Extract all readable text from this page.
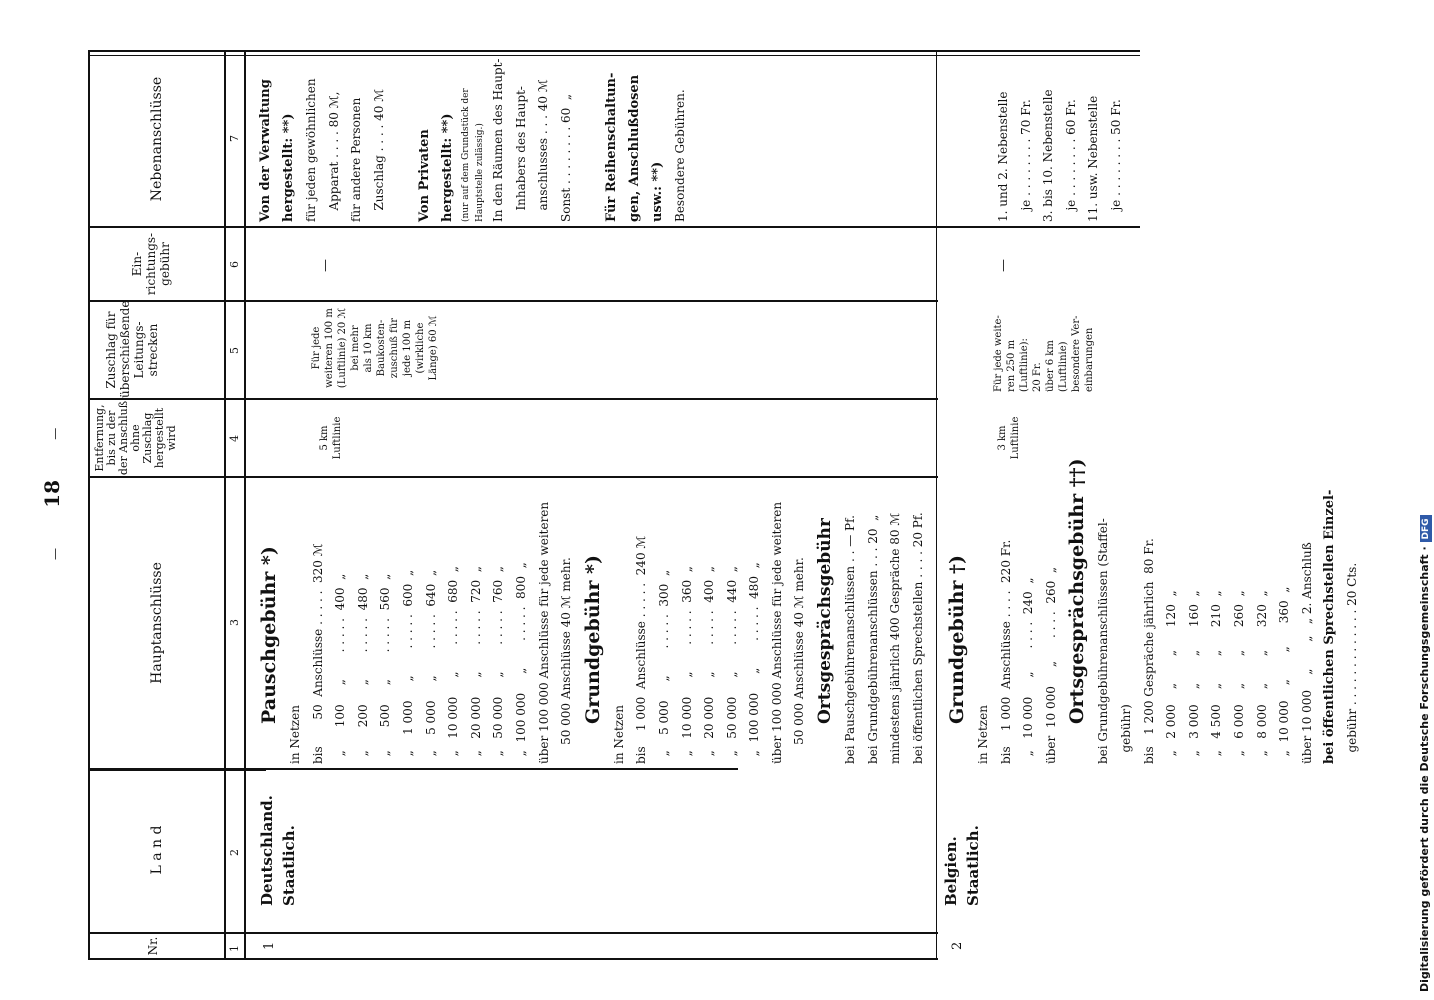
—  18  —
Digitalisierung gefördert durch die Deutsche Forschungsgemeinschaft · DFG
Nr.
L a n d
Hauptanschlüsse
Entfernung, bis zu der der Anschluß ohne Zuschlag hergestellt wird
Zuschlag für überschießende Leitungs-strecken
Ein-richtungs-gebühr
Nebenanschlüsse
1
2
3
4
5
6
7
1
Deutschland. Staatlich.
Pauschgebühr *)
in Netzen bis       50  Anschlüsse . . . . .  320 ℳ „      100     „       . . . . .  400  „ „      200     „       . . . . .  480  „ „      500     „       . . . . .  560  „ „    1 000     „       . . . . .  600  „ „    5 000     „       . . . . .  640  „ „   10 000     „       . . . . .  680  „ „   20 000     „       . . . . .  720  „ „   50 000     „       . . . . .  760  „ „  100 000     „       . . . . .  800  „ über 100 000 Anschlüsse für jede weiteren 50 000 Anschlüsse 40 ℳ mehr. Grundgebühr *)
in Netzen bis    1 000  Anschlüsse . . . . .  240 ℳ „    5 000     „       . . . . .  300  „ „   10 000     „       . . . . .  360  „ „   20 000     „       . . . . .  400  „ „   50 000     „       . . . . .  440  „ „  100 000     „       . . . . .  480  „ über 100 000 Anschlüsse für jede weiteren 50 000 Anschlüsse 40 ℳ mehr. Ortsgesprächsgebühr bei Pauschgebührenanschlüssen . . — Pf. bei Grundgebührenanschlüssen . . . 20  „ mindestens jährlich 400 Gespräche 80 ℳ bei öffentlichen Sprechstellen . . . . 20 Pf.
5 km Luftlinie
Für jede weiteren 100 m (Luftlinie) 20 ℳ bei mehr als 10 km Baukosten- zuschuß für jede 100 m (wirkliche Länge) 60 ℳ
—
Von der Verwaltung hergestellt: **) für jeden gewöhnlichen Apparat . . . . 80 ℳ, für andere Personen Zuschlag . . . . 40 ℳ
	Von Privaten hergestellt: **) (nur auf dem Grundstück der Hauptstelle zulässig.) In den Räumen des Haupt- Inhabers des Haupt- anschlusses . . . 40 ℳ Sonst . . . . . . . . 60  „
	Für Reihenschaltun- gen, Anschlußdosen usw.: **) Besondere Gebühren.
2
Belgien. Staatlich.
Grundgebühr †)
in Netzen bis    1 000  Anschlüsse . . . .  220 Fr. „   10 000     „      . . . .  240  „ über  10 000     „      . . . .  260  „ Ortsgesprächsgebühr ††) bei Grundgebührenanschlüssen (Staffel- gebühr) bis   1 200 Gespräche jährlich  80 Fr. „   2 000    „       „      120  „ „   3 000    „       „      160  „ „   4 500    „       „      210  „ „   6 000    „       „      260  „ „   8 000    „       „      320  „ „  10 000    „       „      360  „ über 10 000    „       „   „ 2. Anschluß bei öffentlichen Sprechstellen Einzel- gebühr . . . . . . . . . . . . . 20 Cts.
3 km Luftlinie
Für jede weite- ren 250 m (Luftlinie): 20 Fr. über 6 km (Luftlinie) besondere Ver- einbarungen
—
1. und 2. Nebenstelle je . . . . . . . . 70 Fr. 3. bis 10. Nebenstelle je . . . . . . . . 60 Fr. 11. usw. Nebenstelle je . . . . . . . . 50 Fr.
